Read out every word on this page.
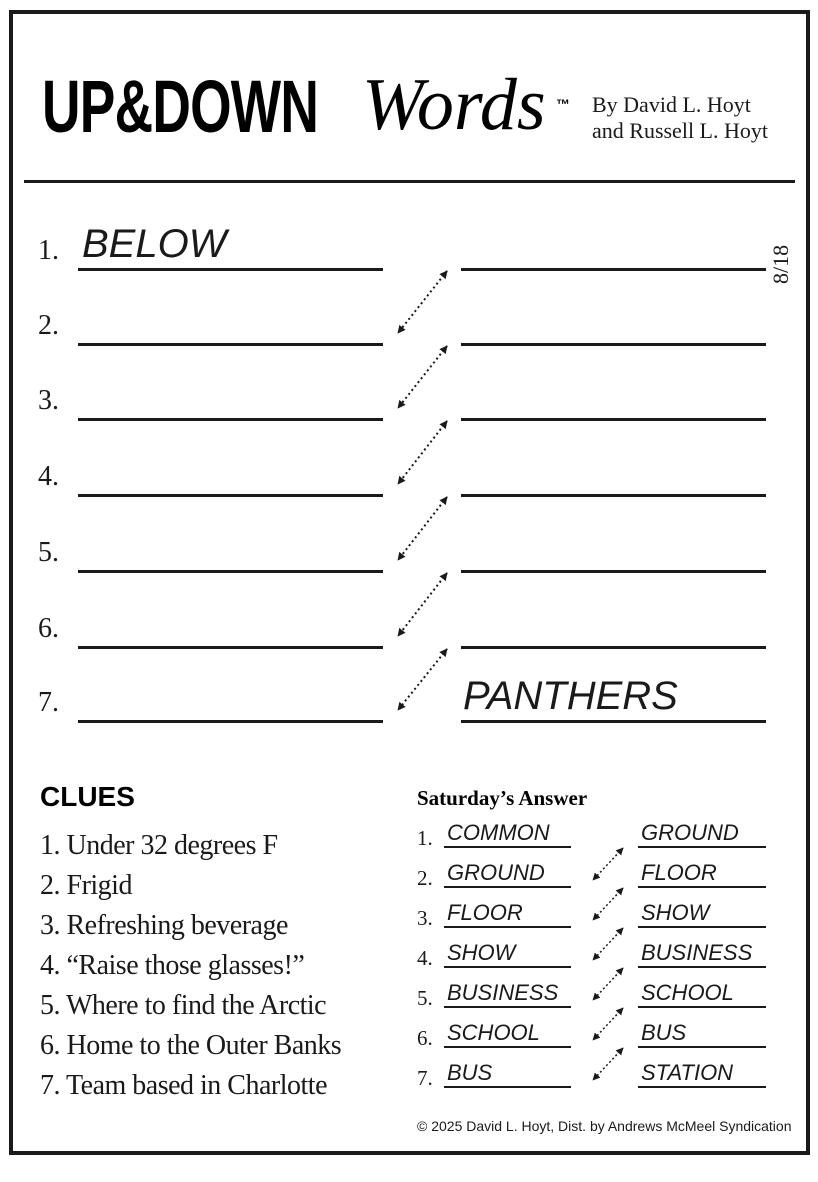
UP&DOWN Words ™ By David L. Hoyt
and Russell L. Hoyt
1. BELOW
2.
3.
4.
5.
6.
7.	PANTHERS
8/18
CLUES
1. Under 32 degrees F
2. Frigid
3. Refreshing beverage
4. “Raise those glasses!”
5. Where to find the Arctic
6. Home to the Outer Banks
7. Team based in Charlotte
Saturday’s Answer
1. COMMON	GROUND
2. GROUND	FLOOR
3. FLOOR	SHOW
4. SHOW	BUSINESS
5. BUSINESS	SCHOOL
6. SCHOOL	BUS
7. BUS	STATION
© 2025 David L. Hoyt, Dist. by Andrews McMeel Syndication
